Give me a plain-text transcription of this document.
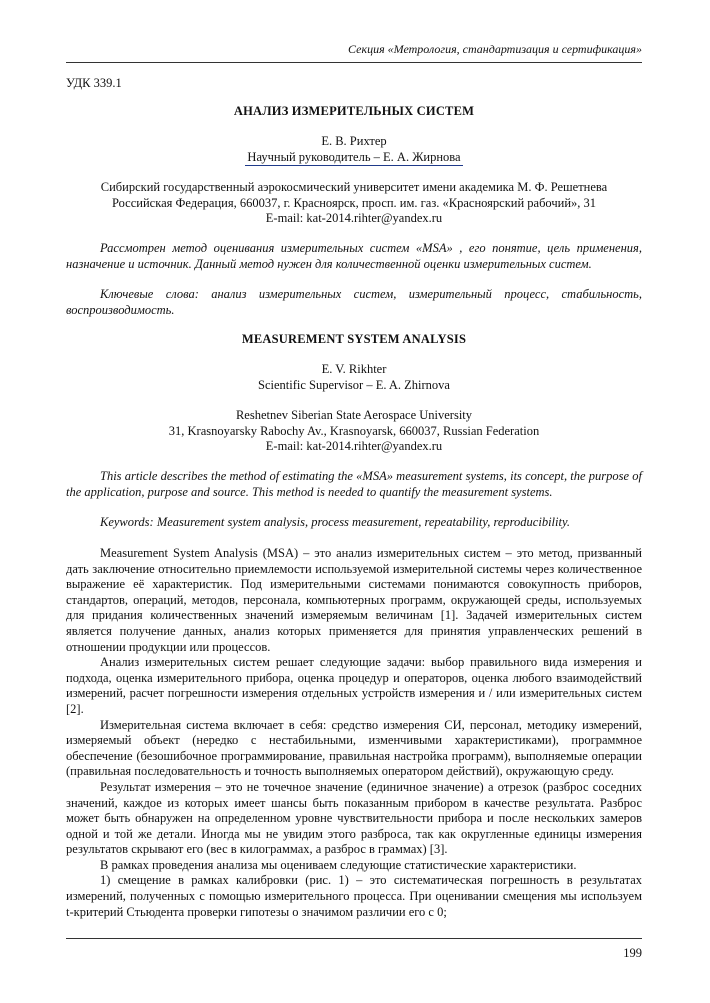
Секция «Метрология, стандартизация и сертификация»
УДК 339.1
АНАЛИЗ ИЗМЕРИТЕЛЬНЫХ СИСТЕМ
Е. В. Рихтер
Научный руководитель – Е. А. Жирнова
Сибирский государственный аэрокосмический университет имени академика М. Ф. Решетнева
Российская Федерация, 660037, г. Красноярск, просп. им. газ. «Красноярский рабочий», 31
E-mail: kat-2014.rihter@yandex.ru

Рассмотрен метод оценивания измерительных систем «MSA» , его понятие, цель применения, назначение и источник. Данный метод нужен для количественной оценки измерительных систем.

Ключевые слова: анализ измерительных систем, измерительный процесс, стабильность, воспроизводимость.

MEASUREMENT SYSTEM ANALYSIS
E. V. Rikhter
Scientific Supervisor – E. A. Zhirnova
Reshetnev Siberian State Aerospace University
31, Krasnoyarsky Rabochy Av., Krasnoyarsk, 660037, Russian Federation
E-mail: kat-2014.rihter@yandex.ru

This article describes the method of estimating the «MSA» measurement systems, its concept, the purpose of the application, purpose and source. This method is needed to quantify the measurement systems.

Keywords: Measurement system analysis, process measurement, repeatability, reproducibility.

Measurement System Analysis (MSA) – это анализ измерительных систем – это метод, призванный дать заключение относительно приемлемости используемой измерительной системы через количественное выражение её характеристик. Под измерительными системами понимаются совокупность приборов, стандартов, операций, методов, персонала, компьютерных программ, окружающей среды, используемых для придания количественных значений измеряемым величинам [1]. Задачей измерительных систем является получение данных, анализ которых применяется для принятия управленческих решений в отношении продукции или процессов.

Анализ измерительных систем решает следующие задачи: выбор правильного вида измерения и подхода, оценка измерительного прибора, оценка процедур и операторов, оценка любого взаимодействий измерений, расчет погрешности измерения отдельных устройств измерения и / или измерительных систем [2].

Измерительная система включает в себя: средство измерения СИ, персонал, методику измерений, измеряемый объект (нередко с нестабильными, изменчивыми характеристиками), программное обеспечение (безошибочное программирование, правильная настройка программ), выполняемые операции (правильная последовательность и точность выполняемых оператором действий), окружающую среду.

Результат измерения – это не точечное значение (единичное значение) а отрезок (разброс соседних значений, каждое из которых имеет шансы быть показанным прибором в качестве результата. Разброс может быть обнаружен на определенном уровне чувствительности прибора и после нескольких замеров одной и той же детали. Иногда мы не увидим этого разброса, так как округленные единицы измерения результатов скрывают его (вес в килограммах, а разброс в граммах) [3].

В рамках проведения анализа мы оцениваем следующие статистические характеристики.

1) смещение в рамках калибровки (рис. 1) – это систематическая погрешность в результатах измерений, полученных с помощью измерительного процесса. При оценивании смещения мы используем t-критерий Стьюдента проверки гипотезы о значимом различии его с 0;

199
